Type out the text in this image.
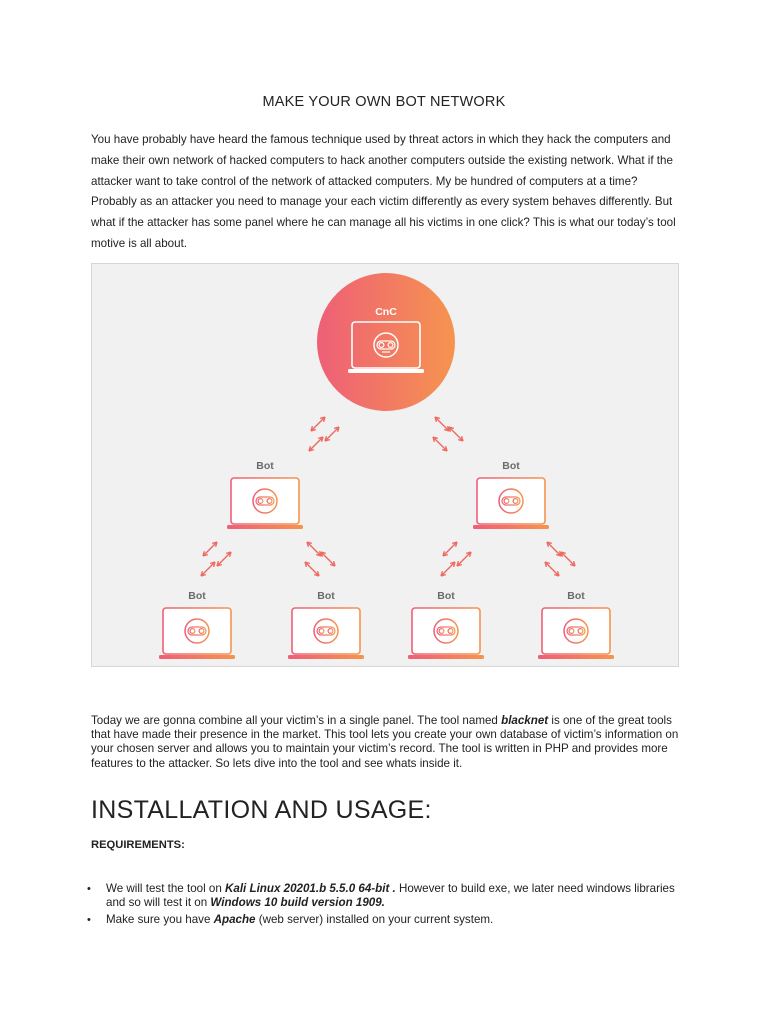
MAKE YOUR OWN BOT NETWORK
You have probably have heard the famous technique used by threat actors in which they hack the computers and make their own network of hacked computers to hack another computers outside the existing network. What if the attacker want to take control of the network of attacked computers. My be hundred of computers at a time? Probably as an attacker you need to manage your each victim differently as every system behaves differently. But what if the attacker has some panel where he can manage all his victims in one click? This is what our today’s tool motive is all about.
CnC
Bot	Bot
Bot	Bot	Bot	Bot
Today we are gonna combine all your victim’s in a single panel. The tool named blacknet is one of the great tools that have made their presence in the market. This tool lets you create your own database of victim’s information on your chosen server and allows you to maintain your victim’s record. The tool is written in PHP and provides more features to the attacker. So lets dive into the tool and see whats inside it.
INSTALLATION AND USAGE:
REQUIREMENTS:
• We will test the tool on Kali Linux 20201.b 5.5.0 64-bit . However to build exe, we later need windows libraries and so will test it on Windows 10 build version 1909.
• Make sure you have Apache (web server) installed on your current system.
